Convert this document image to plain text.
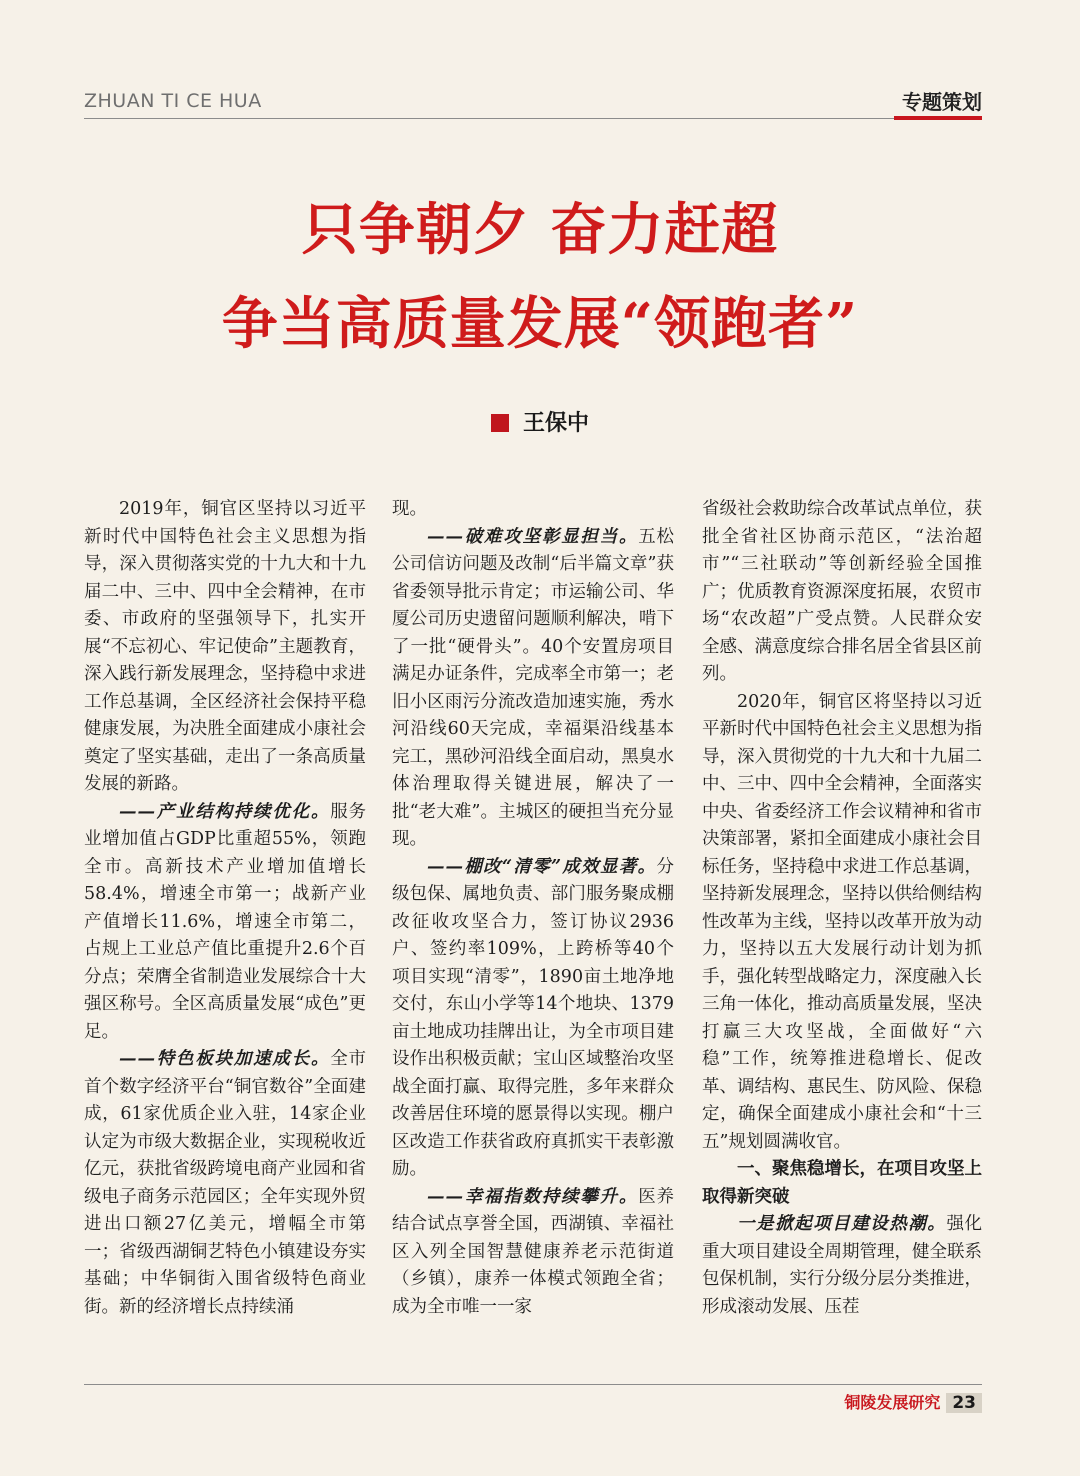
ZHUAN TI CE HUA	专题策划
只争朝夕 奋力赶超
争当高质量发展“领跑者”
王保中

2019年，铜官区坚持以习近平新时代中国特色社会主义思想为指导，深入贯彻落实党的十九大和十九届二中、三中、四中全会精神，在市委、市政府的坚强领导下，扎实开展“不忘初心、牢记使命”主题教育，深入践行新发展理念，坚持稳中求进工作总基调，全区经济社会保持平稳健康发展，为决胜全面建成小康社会奠定了坚实基础，走出了一条高质量发展的新路。

——产业结构持续优化。服务业增加值占GDP比重超55%，领跑全市。高新技术产业增加值增长58.4%，增速全市第一；战新产业产值增长11.6%，增速全市第二，占规上工业总产值比重提升2.6个百分点；荣膺全省制造业发展综合十大强区称号。全区高质量发展“成色”更足。

——特色板块加速成长。全市首个数字经济平台“铜官数谷”全面建成，61家优质企业入驻，14家企业认定为市级大数据企业，实现税收近亿元，获批省级跨境电商产业园和省级电子商务示范园区；全年实现外贸进出口额27亿美元，增幅全市第一；省级西湖铜艺特色小镇建设夯实基础；中华铜街入围省级特色商业街。新的经济增长点持续涌

现。

——破难攻坚彰显担当。五松公司信访问题及改制“后半篇文章”获省委领导批示肯定；市运输公司、华厦公司历史遗留问题顺利解决，啃下了一批“硬骨头”。40个安置房项目满足办证条件，完成率全市第一；老旧小区雨污分流改造加速实施，秀水河沿线60天完成，幸福渠沿线基本完工，黑砂河沿线全面启动，黑臭水体治理取得关键进展，解决了一批“老大难”。主城区的硬担当充分显现。

——棚改“清零”成效显著。分级包保、属地负责、部门服务聚成棚改征收攻坚合力，签订协议2936户、签约率109%，上跨桥等40个项目实现“清零”，1890亩土地净地交付，东山小学等14个地块、1379亩土地成功挂牌出让，为全市项目建设作出积极贡献；宝山区域整治攻坚战全面打赢、取得完胜，多年来群众改善居住环境的愿景得以实现。棚户区改造工作获省政府真抓实干表彰激励。

——幸福指数持续攀升。医养结合试点享誉全国，西湖镇、幸福社区入列全国智慧健康养老示范街道（乡镇），康养一体模式领跑全省；成为全市唯一一家

省级社会救助综合改革试点单位，获批全省社区协商示范区，“法治超市”“三社联动”等创新经验全国推广；优质教育资源深度拓展，农贸市场“农改超”广受点赞。人民群众安全感、满意度综合排名居全省县区前列。

2020年，铜官区将坚持以习近平新时代中国特色社会主义思想为指导，深入贯彻党的十九大和十九届二中、三中、四中全会精神，全面落实中央、省委经济工作会议精神和省市决策部署，紧扣全面建成小康社会目标任务，坚持稳中求进工作总基调，坚持新发展理念，坚持以供给侧结构性改革为主线，坚持以改革开放为动力，坚持以五大发展行动计划为抓手，强化转型战略定力，深度融入长三角一体化，推动高质量发展，坚决打赢三大攻坚战，全面做好“六稳”工作，统筹推进稳增长、促改革、调结构、惠民生、防风险、保稳定，确保全面建成小康社会和“十三五”规划圆满收官。

一、聚焦稳增长，在项目攻坚上取得新突破

一是掀起项目建设热潮。强化重大项目建设全周期管理，健全联系包保机制，实行分级分层分类推进，形成滚动发展、压茬

铜陵发展研究 23
